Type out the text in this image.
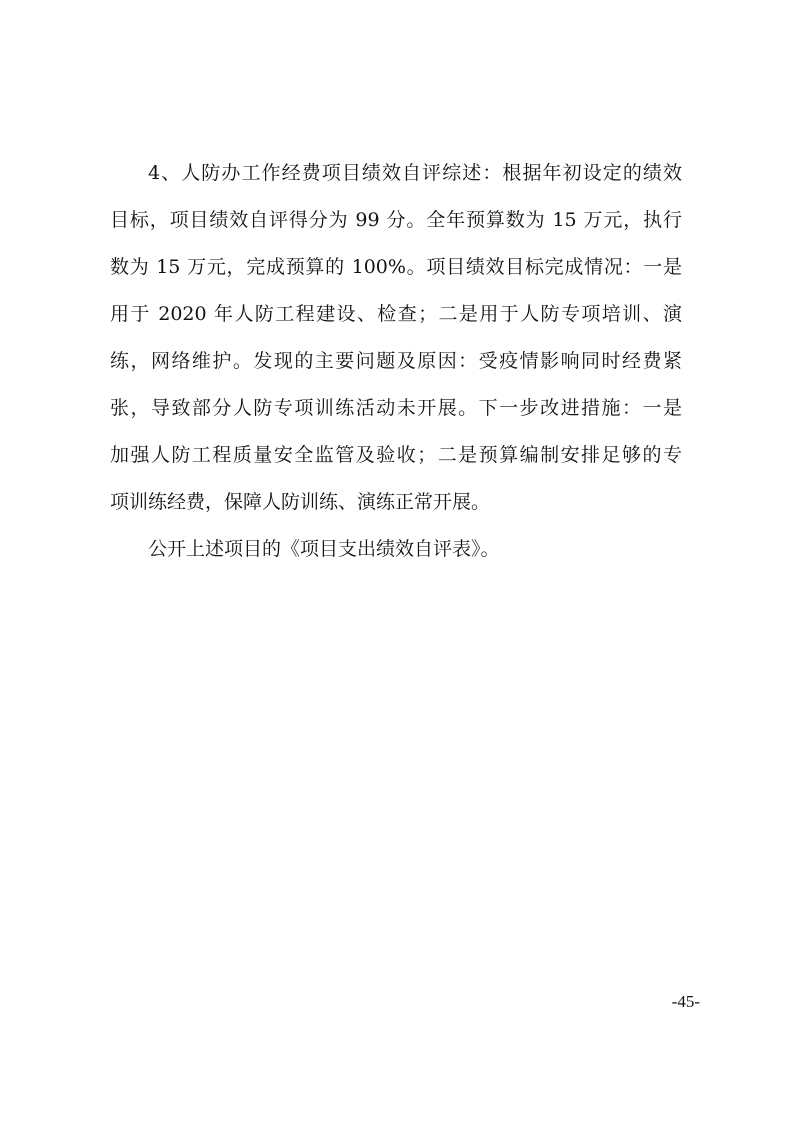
4、人防办工作经费项目绩效自评综述：根据年初设定的绩效
目标，项目绩效自评得分为 99 分。全年预算数为 15 万元，执行
数为 15 万元，完成预算的 100%。项目绩效目标完成情况：一是
用于 2020 年人防工程建设、检查；二是用于人防专项培训、演
练，网络维护。发现的主要问题及原因：受疫情影响同时经费紧
张，导致部分人防专项训练活动未开展。下一步改进措施：一是
加强人防工程质量安全监管及验收；二是预算编制安排足够的专
项训练经费，保障人防训练、演练正常开展。
公开上述项目的《项目支出绩效自评表》。
-45-
